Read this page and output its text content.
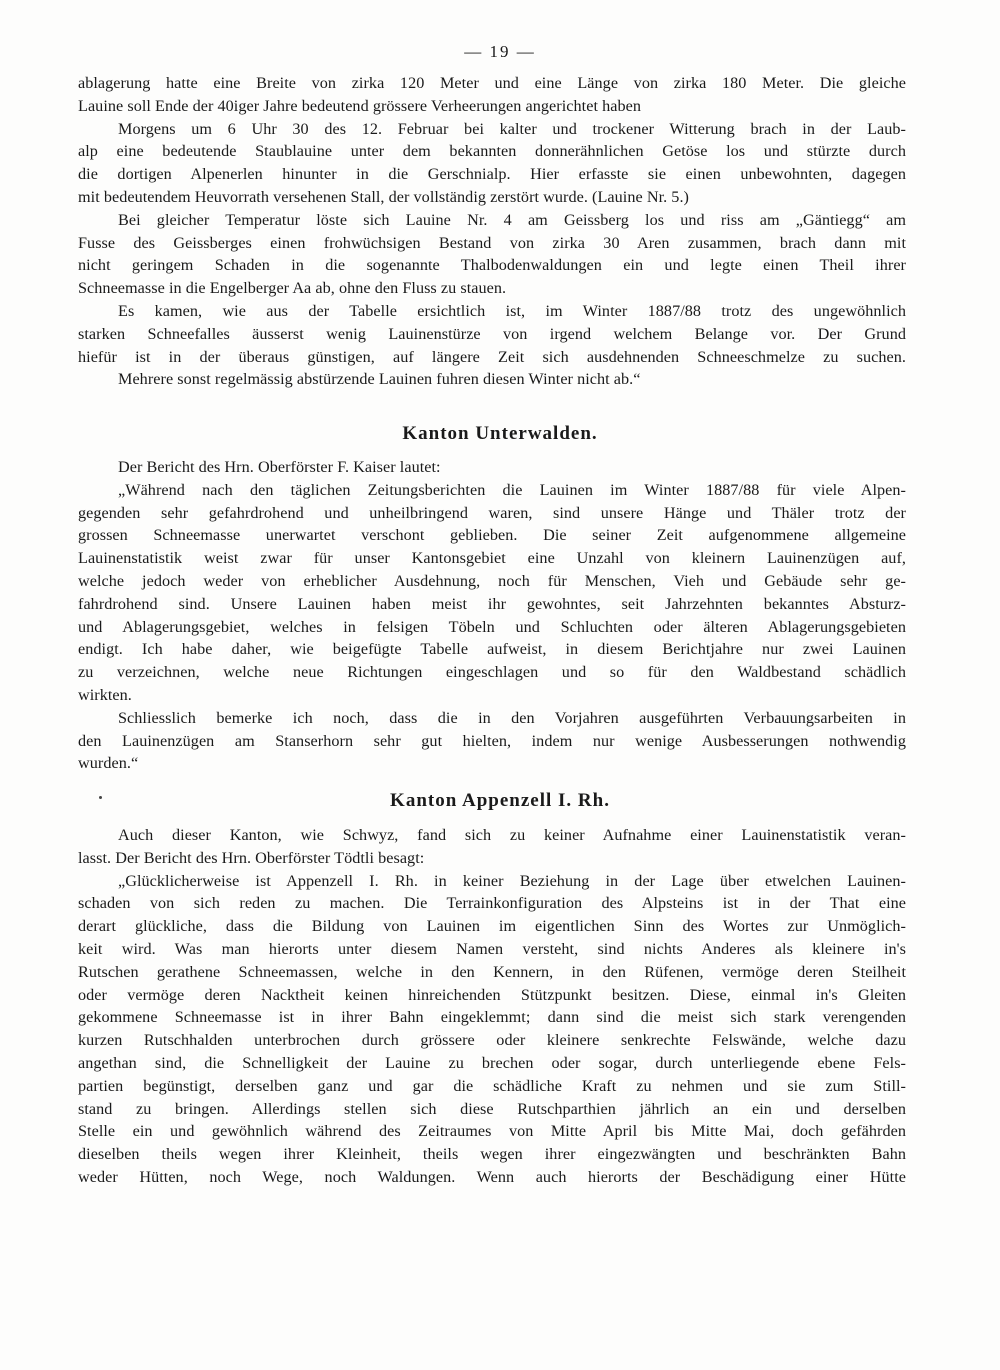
— 19 —
ablagerung hatte eine Breite von zirka 120 Meter und eine Länge von zirka 180 Meter. Die gleiche
Lauine soll Ende der 40iger Jahre bedeutend grössere Verheerungen angerichtet haben
Morgens um 6 Uhr 30 des 12. Februar bei kalter und trockener Witterung brach in der Laub-
alp eine bedeutende Staublauine unter dem bekannten donnerähnlichen Getöse los und stürzte durch
die dortigen Alpenerlen hinunter in die Gerschnialp. Hier erfasste sie einen unbewohnten, dagegen
mit bedeutendem Heuvorrath versehenen Stall, der vollständig zerstört wurde. (Lauine Nr. 5.)
Bei gleicher Temperatur löste sich Lauine Nr. 4 am Geissberg los und riss am „Gäntiegg“ am
Fusse des Geissberges einen frohwüchsigen Bestand von zirka 30 Aren zusammen, brach dann mit
nicht geringem Schaden in die sogenannte Thalbodenwaldungen ein und legte einen Theil ihrer
Schneemasse in die Engelberger Aa ab, ohne den Fluss zu stauen.
Es kamen, wie aus der Tabelle ersichtlich ist, im Winter 1887/88 trotz des ungewöhnlich
starken Schneefalles äusserst wenig Lauinenstürze von irgend welchem Belange vor. Der Grund
hiefür ist in der überaus günstigen, auf längere Zeit sich ausdehnenden Schneeschmelze zu suchen.
Mehrere sonst regelmässig abstürzende Lauinen fuhren diesen Winter nicht ab.“
Kanton Unterwalden.
Der Bericht des Hrn. Oberförster F. Kaiser lautet:
„Während nach den täglichen Zeitungsberichten die Lauinen im Winter 1887/88 für viele Alpen-
gegenden sehr gefahrdrohend und unheilbringend waren, sind unsere Hänge und Thäler trotz der
grossen Schneemasse unerwartet verschont geblieben. Die seiner Zeit aufgenommene allgemeine
Lauinenstatistik weist zwar für unser Kantonsgebiet eine Unzahl von kleinern Lauinenzügen auf,
welche jedoch weder von erheblicher Ausdehnung, noch für Menschen, Vieh und Gebäude sehr ge-
fahrdrohend sind. Unsere Lauinen haben meist ihr gewohntes, seit Jahrzehnten bekanntes Absturz-
und Ablagerungsgebiet, welches in felsigen Töbeln und Schluchten oder älteren Ablagerungsgebieten
endigt. Ich habe daher, wie beigefügte Tabelle aufweist, in diesem Berichtjahre nur zwei Lauinen
zu verzeichnen, welche neue Richtungen eingeschlagen und so für den Waldbestand schädlich
wirkten.
Schliesslich bemerke ich noch, dass die in den Vorjahren ausgeführten Verbauungsarbeiten in
den Lauinenzügen am Stanserhorn sehr gut hielten, indem nur wenige Ausbesserungen nothwendig
wurden.“
Kanton Appenzell I. Rh.
Auch dieser Kanton, wie Schwyz, fand sich zu keiner Aufnahme einer Lauinenstatistik veran-
lasst. Der Bericht des Hrn. Oberförster Tödtli besagt:
„Glücklicherweise ist Appenzell I. Rh. in keiner Beziehung in der Lage über etwelchen Lauinen-
schaden von sich reden zu machen. Die Terrainkonfiguration des Alpsteins ist in der That eine
derart glückliche, dass die Bildung von Lauinen im eigentlichen Sinn des Wortes zur Unmöglich-
keit wird. Was man hierorts unter diesem Namen versteht, sind nichts Anderes als kleinere in's
Rutschen gerathene Schneemassen, welche in den Kennern, in den Rüfenen, vermöge deren Steilheit
oder vermöge deren Nacktheit keinen hinreichenden Stützpunkt besitzen. Diese, einmal in's Gleiten
gekommene Schneemasse ist in ihrer Bahn eingeklemmt; dann sind die meist sich stark verengenden
kurzen Rutschhalden unterbrochen durch grössere oder kleinere senkrechte Felswände, welche dazu
angethan sind, die Schnelligkeit der Lauine zu brechen oder sogar, durch unterliegende ebene Fels-
partien begünstigt, derselben ganz und gar die schädliche Kraft zu nehmen und sie zum Still-
stand zu bringen. Allerdings stellen sich diese Rutschparthien jährlich an ein und derselben
Stelle ein und gewöhnlich während des Zeitraumes von Mitte April bis Mitte Mai, doch gefährden
dieselben theils wegen ihrer Kleinheit, theils wegen ihrer eingezwängten und beschränkten Bahn
weder Hütten, noch Wege, noch Waldungen. Wenn auch hierorts der Beschädigung einer Hütte
